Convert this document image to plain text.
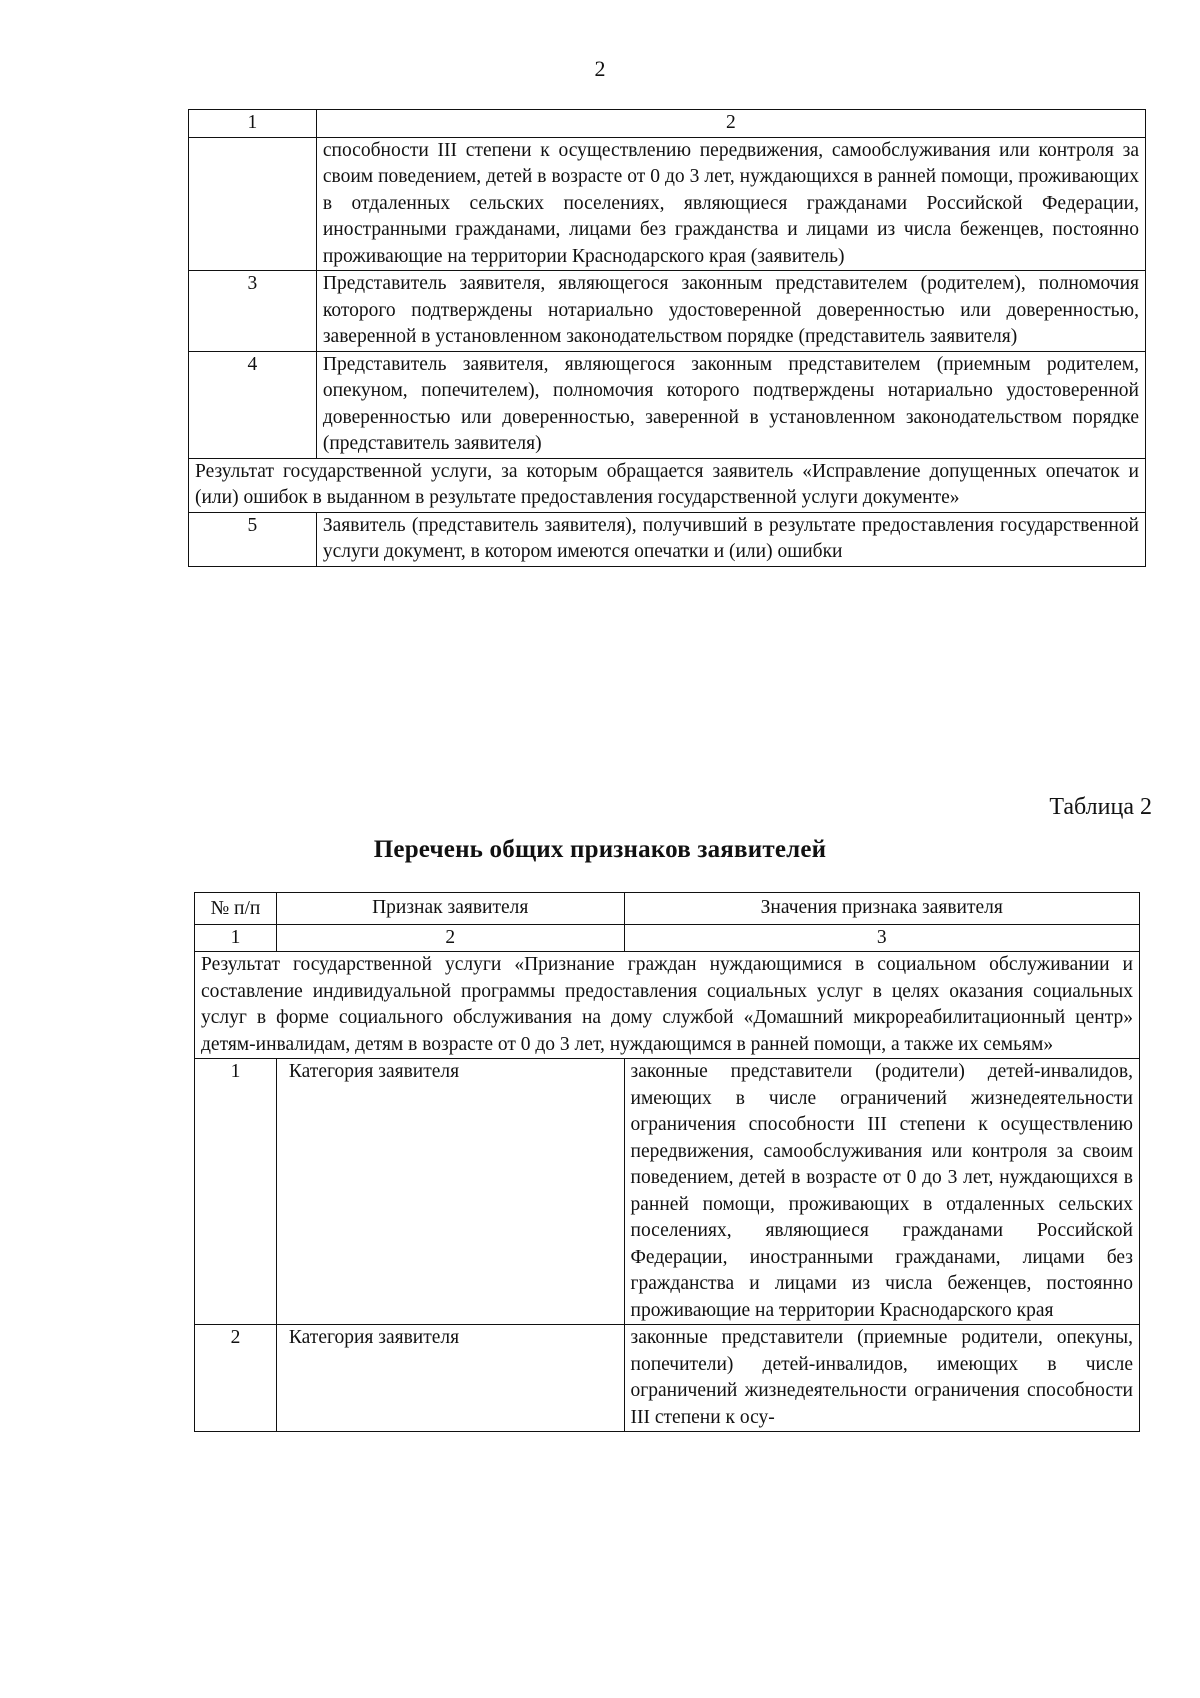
2
1	2
	способности III степени к осуществлению передвижения, самообслуживания или контроля за своим поведением, детей в возрасте от 0 до 3 лет, нуждающихся в ранней помощи, проживающих в отдаленных сельских поселениях, являющиеся гражданами Российской Федерации, иностранными гражданами, лицами без гражданства и лицами из числа беженцев, постоянно проживающие на территории Краснодарского края (заявитель)
3	Представитель заявителя, являющегося законным представителем (родителем), полномочия которого подтверждены нотариально удостоверенной доверенностью или доверенностью, заверенной в установленном законодательством порядке (представитель заявителя)
4	Представитель заявителя, являющегося законным представителем (приемным родителем, опекуном, попечителем), полномочия которого подтверждены нотариально удостоверенной доверенностью или доверенностью, заверенной в установленном законодательством порядке (представитель заявителя)
Результат государственной услуги, за которым обращается заявитель «Исправление допущенных опечаток и (или) ошибок в выданном в результате предоставления государственной услуги документе»	
5	Заявитель (представитель заявителя), получивший в результате предоставления государственной услуги документ, в котором имеются опечатки и (или) ошибки
Таблица 2
Перечень общих признаков заявителей
№ п/п	Признак заявителя	Значения признака заявителя
1	2	3
Результат государственной услуги «Признание граждан нуждающимися в социальном обслуживании и составление индивидуальной программы предоставления социальных услуг в целях оказания социальных услуг в форме социального обслуживания на дому службой «Домашний микрореабилитационный центр» детям-инвалидам, детям в возрасте от 0 до 3 лет, нуждающимся в ранней помощи, а также их семьям»		
1	Категория заявителя	законные представители (родители) детей-инвалидов, имеющих в числе ограничений жизнедеятельности ограничения способности III степени к осуществлению передвижения, самообслуживания или контроля за своим поведением, детей в возрасте от 0 до 3 лет, нуждающихся в ранней помощи, проживающих в отдаленных сельских поселениях, являющиеся гражданами Российской Федерации, иностранными гражданами, лицами без гражданства и лицами из числа беженцев, постоянно проживающие на территории Краснодарского края
2	Категория заявителя	законные представители (приемные родители, опекуны, попечители) детей-инвалидов, имеющих в числе ограничений жизнедеятельности ограничения способности III степени к осу-
